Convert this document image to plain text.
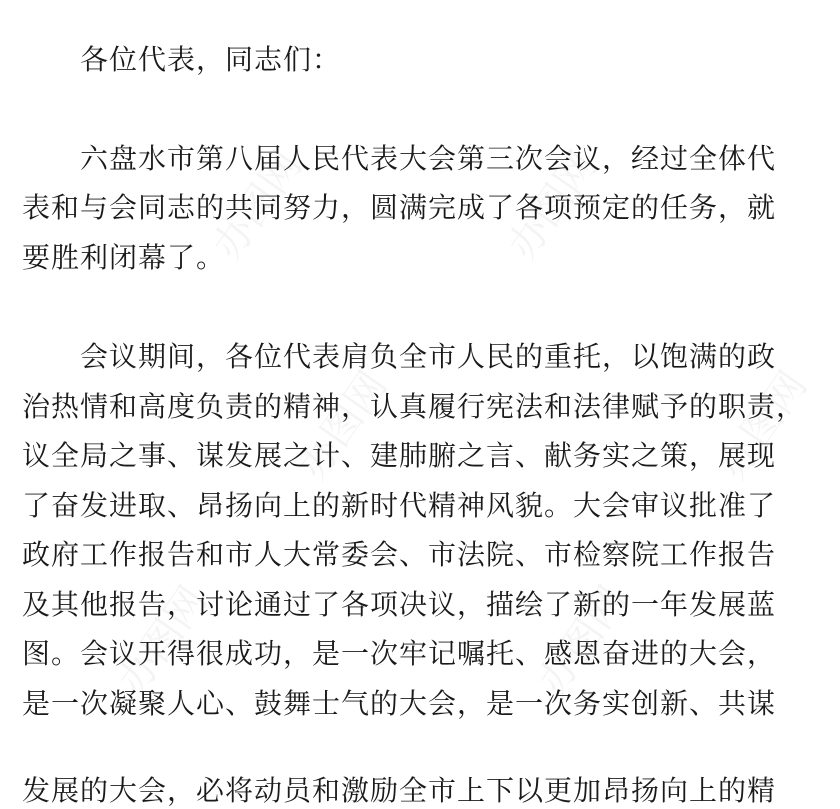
办图网	办图网
办图网	办图网
办图网	办图网
各位代表，同志们：
六盘水市第八届人民代表大会第三次会议，经过全体代
表和与会同志的共同努力，圆满完成了各项预定的任务，就
要胜利闭幕了。
会议期间，各位代表肩负全市人民的重托，以饱满的政
治热情和高度负责的精神，认真履行宪法和法律赋予的职责，
议全局之事、谋发展之计、建肺腑之言、献务实之策，展现
了奋发进取、昂扬向上的新时代精神风貌。大会审议批准了
政府工作报告和市人大常委会、市法院、市检察院工作报告
及其他报告，讨论通过了各项决议，描绘了新的一年发展蓝
图。会议开得很成功，是一次牢记嘱托、感恩奋进的大会，
是一次凝聚人心、鼓舞士气的大会，是一次务实创新、共谋
发展的大会，必将动员和激励全市上下以更加昂扬向上的精
